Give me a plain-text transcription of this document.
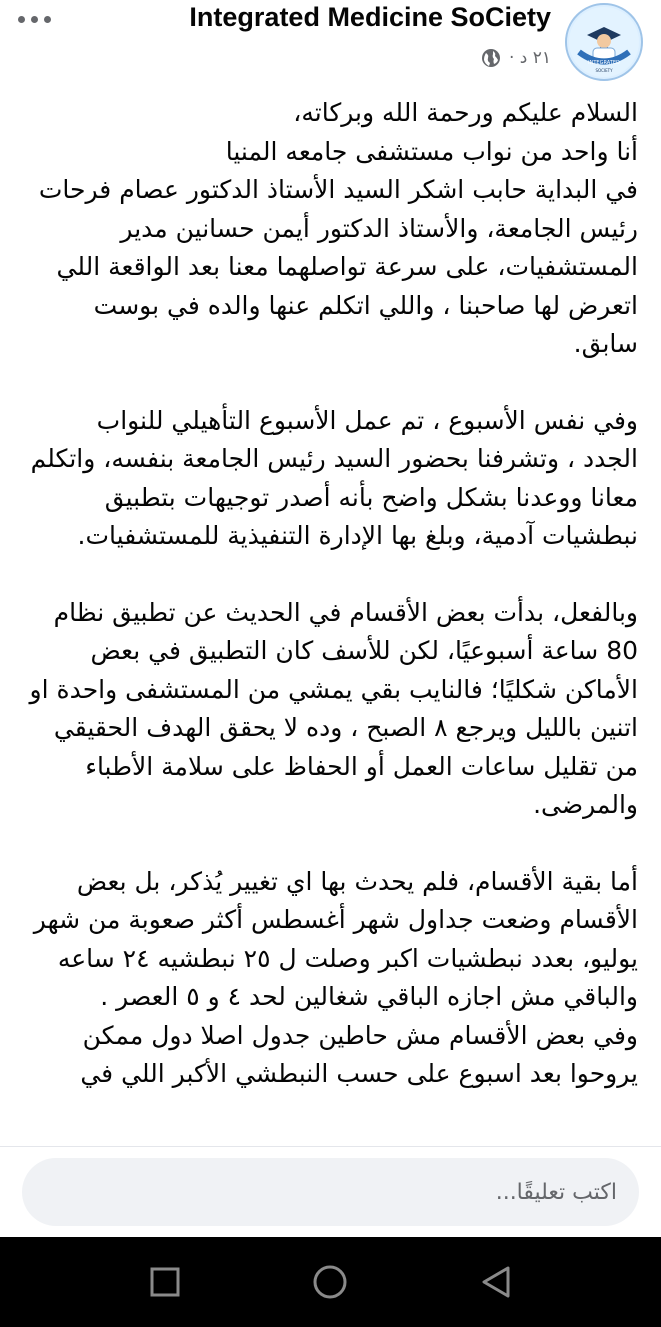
Integrated Medicine SoCiety
٢١ د ·	INTEGRATED
SOCIETY

السلام عليكم ورحمة الله وبركاته،
أنا واحد من نواب مستشفى جامعه المنيا
في البداية حابب اشكر السيد الأستاذ الدكتور عصام فرحات
رئيس الجامعة، والأستاذ الدكتور أيمن حسانين مدير
المستشفيات، على سرعة تواصلهما معنا بعد الواقعة اللي
اتعرض لها صاحبنا ، واللي اتكلم عنها والده في بوست سابق.

وفي نفس الأسبوع ، تم عمل الأسبوع التأهيلي للنواب
الجدد ، وتشرفنا بحضور السيد رئيس الجامعة بنفسه، واتكلم
معانا ووعدنا بشكل واضح بأنه أصدر توجيهات بتطبيق
نبطشيات آدمية، وبلغ بها الإدارة التنفيذية للمستشفيات.

وبالفعل، بدأت بعض الأقسام في الحديث عن تطبيق نظام
80 ساعة أسبوعيًا، لكن للأسف كان التطبيق في بعض
الأماكن شكليًا؛ فالنايب بقي يمشي من المستشفى واحدة او
اتنين بالليل ويرجع ٨ الصبح ، وده لا يحقق الهدف الحقيقي
من تقليل ساعات العمل أو الحفاظ على سلامة الأطباء
والمرضى.

أما بقية الأقسام، فلم يحدث بها اي تغيير يُذكر، بل بعض
الأقسام وضعت جداول شهر أغسطس أكثر صعوبة من شهر
يوليو، بعدد نبطشيات اكبر وصلت ل ٢٥ نبطشيه ٢٤ ساعه
والباقي مش اجازه الباقي شغالين لحد ٤ و ٥ العصر .
وفي بعض الأقسام مش حاطين جدول اصلا دول ممكن
يروحوا بعد اسبوع على حسب النبطشي الأكبر اللي في

اكتب تعليقًا...
